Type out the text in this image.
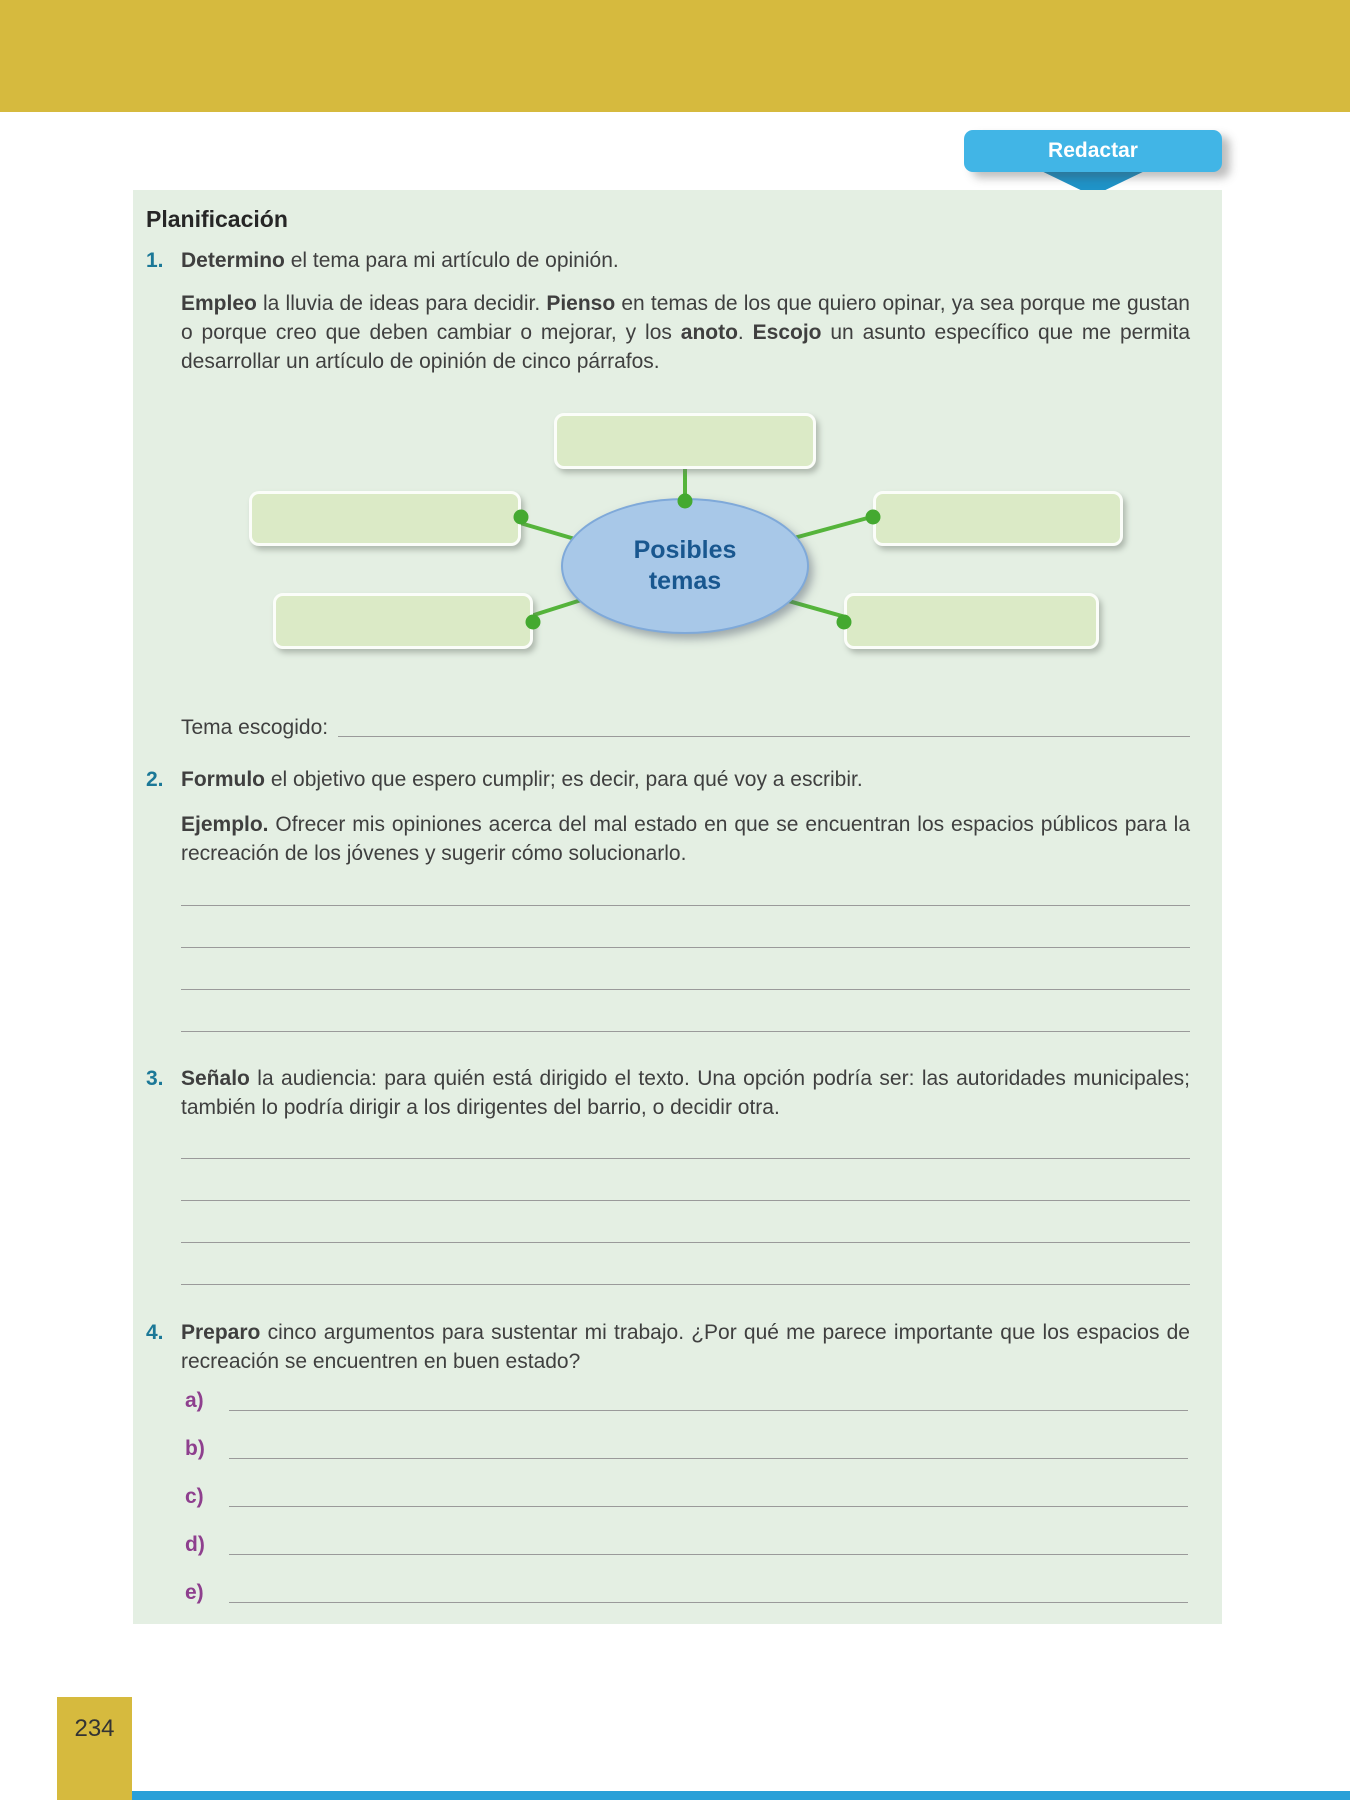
Redactar
Planificación
1. Determino el tema para mi artículo de opinión.
Empleo la lluvia de ideas para decidir. Pienso en temas de los que quiero opinar, ya sea porque me gustan o porque creo que deben cambiar o mejorar, y los anoto. Escojo un asunto específico que me permita desarrollar un artículo de opinión de cinco párrafos.
Posibles
temas
Tema escogido:
2. Formulo el objetivo que espero cumplir; es decir, para qué voy a escribir.
Ejemplo. Ofrecer mis opiniones acerca del mal estado en que se encuentran los espacios públicos para la recreación de los jóvenes y sugerir cómo solucionarlo.
3. Señalo la audiencia: para quién está dirigido el texto. Una opción podría ser: las autoridades municipales; también lo podría dirigir a los dirigentes del barrio, o decidir otra.
4. Preparo cinco argumentos para sustentar mi trabajo. ¿Por qué me parece importante que los espacios de recreación se encuentren en buen estado?
a)
b)
c)
d)
e)
234
